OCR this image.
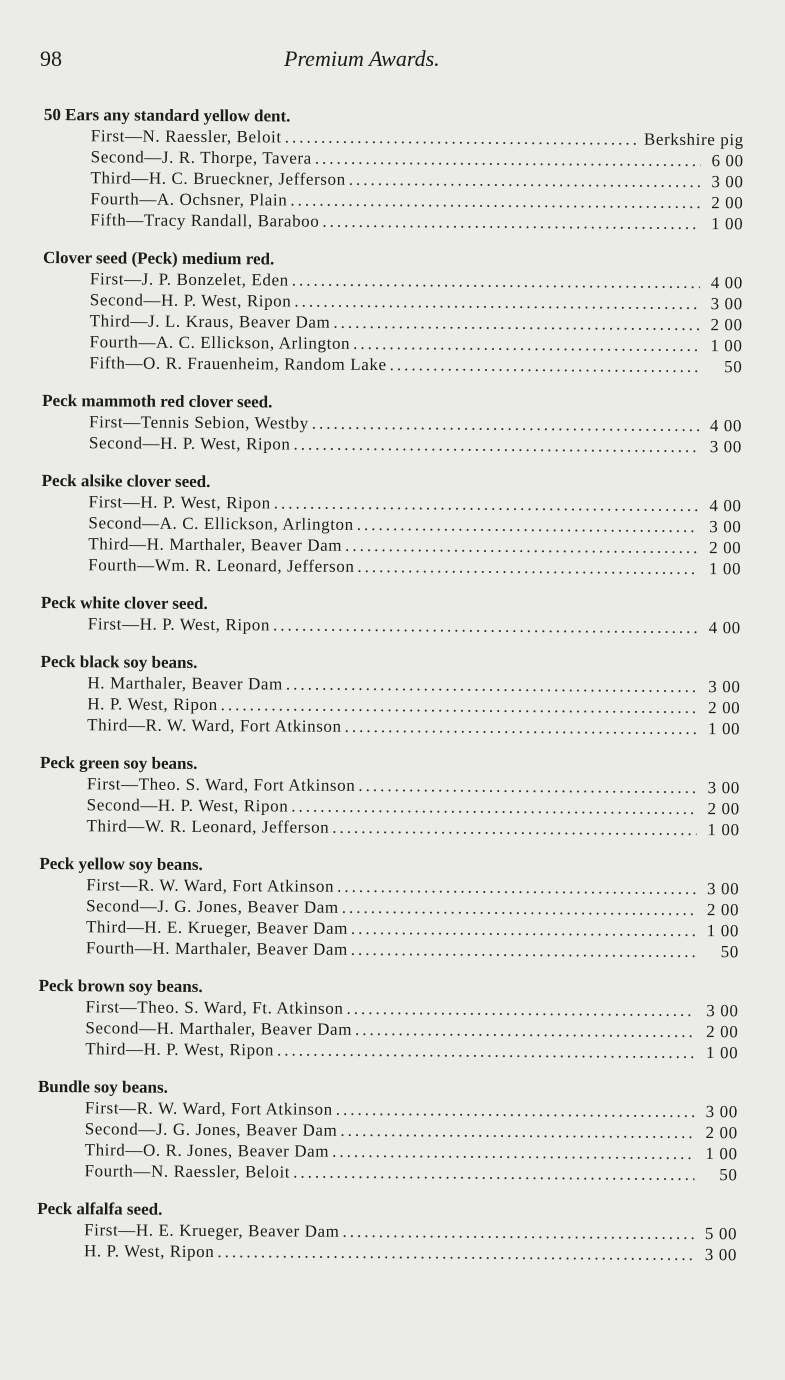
98	Premium Awards.
50 Ears any standard yellow dent.
First—N. Raessler, Beloit .....	Berkshire pig
Second—J. R. Thorpe, Tavera .....	6 00
Third—H. C. Brueckner, Jefferson .....	3 00
Fourth—A. Ochsner, Plain .....	2 00
Fifth—Tracy Randall, Baraboo .....	1 00
Clover seed (Peck) medium red.
First—J. P. Bonzelet, Eden .....	4 00
Second—H. P. West, Ripon .....	3 00
Third—J. L. Kraus, Beaver Dam .....	2 00
Fourth—A. C. Ellickson, Arlington .....	1 00
Fifth—O. R. Frauenheim, Random Lake .....	50
Peck mammoth red clover seed.
First—Tennis Sebion, Westby .....	4 00
Second—H. P. West, Ripon .....	3 00
Peck alsike clover seed.
First—H. P. West, Ripon .....	4 00
Second—A. C. Ellickson, Arlington .....	3 00
Third—H. Marthaler, Beaver Dam .....	2 00
Fourth—Wm. R. Leonard, Jefferson .....	1 00
Peck white clover seed.
First—H. P. West, Ripon .....	4 00
Peck black soy beans.
H. Marthaler, Beaver Dam .....	3 00
H. P. West, Ripon .....	2 00
Third—R. W. Ward, Fort Atkinson .....	1 00
Peck green soy beans.
First—Theo. S. Ward, Fort Atkinson .....	3 00
Second—H. P. West, Ripon .....	2 00
Third—W. R. Leonard, Jefferson .....	1 00
Peck yellow soy beans.
First—R. W. Ward, Fort Atkinson .....	3 00
Second—J. G. Jones, Beaver Dam .....	2 00
Third—H. E. Krueger, Beaver Dam .....	1 00
Fourth—H. Marthaler, Beaver Dam .....	50
Peck brown soy beans.
First—Theo. S. Ward, Ft. Atkinson .....	3 00
Second—H. Marthaler, Beaver Dam .....	2 00
Third—H. P. West, Ripon .....	1 00
Bundle soy beans.
First—R. W. Ward, Fort Atkinson .....	3 00
Second—J. G. Jones, Beaver Dam .....	2 00
Third—O. R. Jones, Beaver Dam .....	1 00
Fourth—N. Raessler, Beloit .....	50
Peck alfalfa seed.
First—H. E. Krueger, Beaver Dam .....	5 00
H. P. West, Ripon .....	3 00
